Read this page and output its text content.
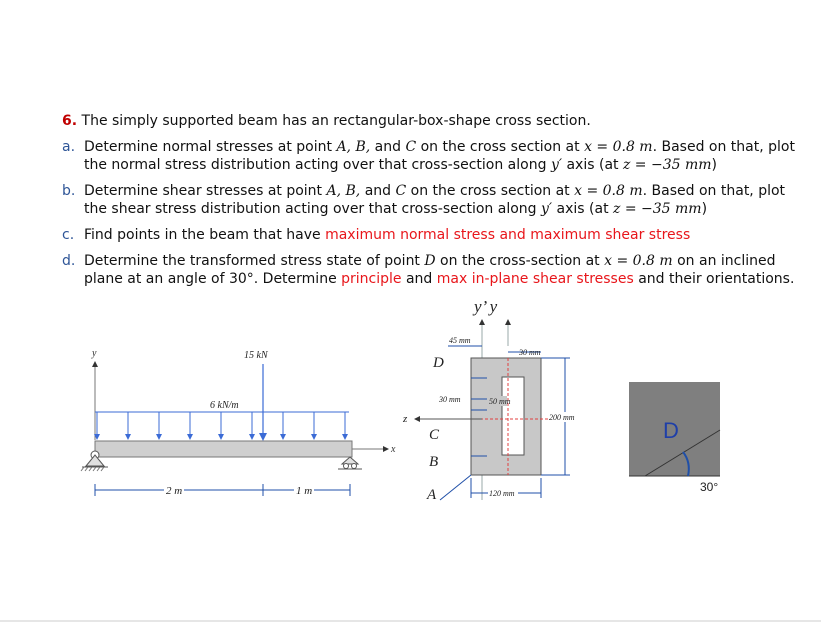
6. The simply supported beam has an rectangular-box-shape cross section.

a. Determine normal stresses at point A, B, and C on the cross section at x = 0.8 m. Based on that, plot the normal stress distribution acting over that cross-section along y′ axis (at z = −35 mm)
b. Determine shear stresses at point A, B, and C on the cross section at x = 0.8 m. Based on that, plot the shear stress distribution acting over that cross-section along y′ axis (at z = −35 mm)
c. Find points in the beam that have maximum normal stress and maximum shear stress
d. Determine the transformed stress state of point D on the cross-section at x = 0.8 m on an inclined plane at an angle of 30°. Determine principle and max in-plane shear stresses and their orientations.
y’ y
y
x
6 kN/m
15 kN
2 m	1 m
z
45 mm
30 mm
30 mm	50 mm
200 mm
120 mm
D
C
B
A
D
30°
